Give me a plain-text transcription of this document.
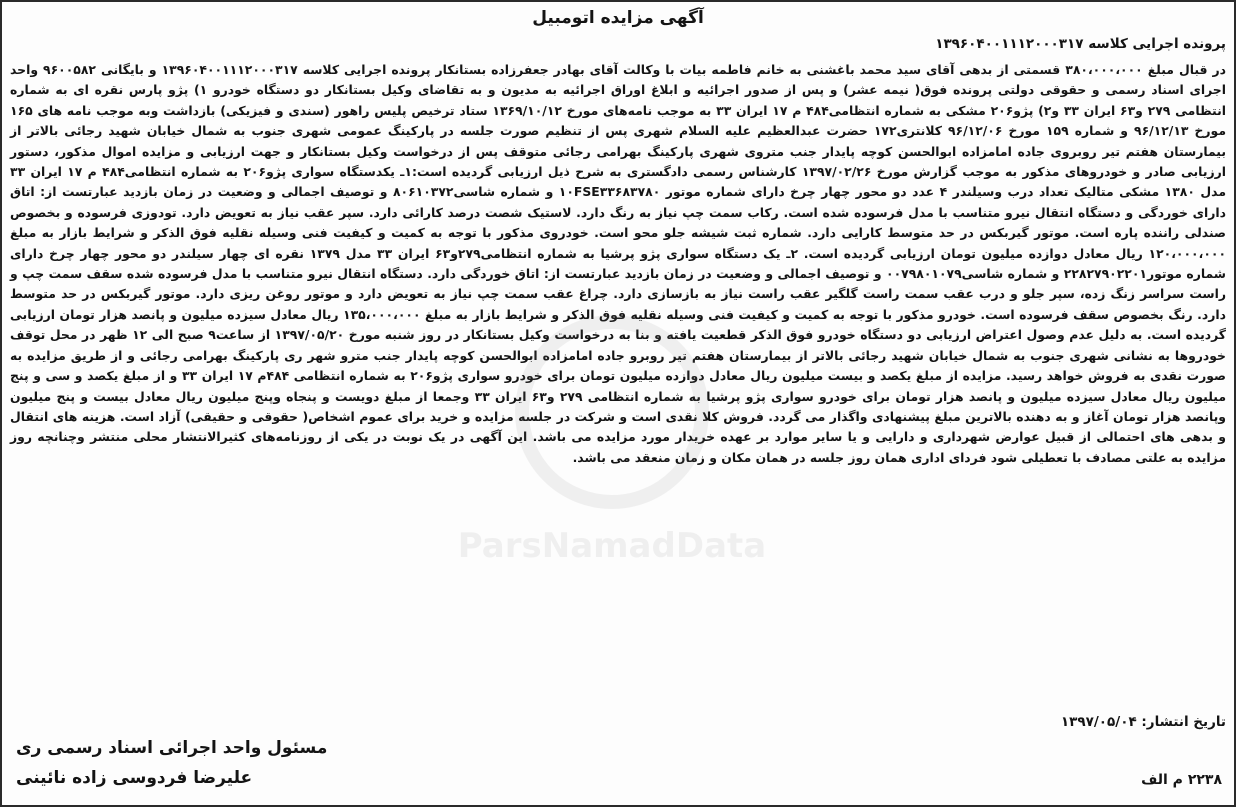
آگهی مزایده اتومبیل
پرونده اجرایی کلاسه ۱۳۹۶۰۴۰۰۱۱۱۲۰۰۰۳۱۷
در قبال مبلغ ۳۸۰،۰۰۰،۰۰۰ قسمتی از بدهی آقای سید محمد باغشنی به خانم فاطمه بیات با وکالت آقای بهادر جعفرزاده بستانکار پرونده اجرایی کلاسه ۱۳۹۶۰۴۰۰۱۱۱۲۰۰۰۳۱۷ و بایگانی ۹۶۰۰۵۸۲ واحد اجرای اسناد رسمی و حقوقی دولتی پرونده فوق( نیمه عشر) و پس از صدور اجرائیه و ابلاغ اوراق اجرائیه به مدیون و به تقاضای وکیل بستانکار دو دستگاه خودرو ۱) پژو پارس نقره ای به شماره انتظامی ۲۷۹ و۶۳ ایران ۳۳ و۲) پژو۲۰۶ مشکی به شماره انتظامی۴۸۴ م ۱۷ ایران ۳۳ به موجب نامه‌های مورخ ۱۳۶۹/۱۰/۱۲ ستاد ترخیص پلیس راهور (سندی و فیزیکی) بازداشت وبه موجب نامه های ۱۶۵ مورخ ۹۶/۱۲/۱۳ و شماره ۱۵۹ مورخ ۹۶/۱۲/۰۶ کلانتری۱۷۲ حضرت عبدالعظیم علیه السلام شهری پس از تنظیم صورت جلسه در پارکینگ عمومی شهری جنوب به شمال خیابان شهید رجائی بالاتر از بیمارستان هفتم تیر روبروی جاده امامزاده ابوالحسن کوچه پایدار جنب متروی شهری پارکینگ بهرامی رجائی متوقف پس از درخواست وکیل بستانکار و جهت ارزیابی و مزایده اموال مذکور، دستور ارزیابی صادر و خودروهای مذکور به موجب گزارش مورخ ۱۳۹۷/۰۲/۲۶ کارشناس رسمی دادگستری به شرح ذیل ارزیابی گردیده است:۱ـ یکدستگاه سواری پژو۲۰۶ به شماره انتظامی۴۸۴ م ۱۷ ایران ۳۳ مدل ۱۳۸۰ مشکی متالیک تعداد درب وسیلندر ۴ عدد دو محور چهار چرخ دارای شماره موتور ۱۰FSE۳۳۶۸۳۷۸۰ و شماره شاسی۸۰۶۱۰۳۷۲ و توصیف اجمالی و وضعیت در زمان بازدید عبارتست از: اتاق دارای خوردگی و دستگاه انتقال نیرو متناسب با مدل فرسوده شده است. رکاب سمت چپ نیاز به رنگ دارد. لاستیک شصت درصد کارائی دارد. سپر عقب نیاز به تعویض دارد. تودوزی فرسوده و بخصوص صندلی راننده پاره است. موتور گیربکس در حد متوسط کارایی دارد. شماره ثبت شیشه جلو محو است. خودروی مذکور با توجه به کمیت و کیفیت فنی وسیله نقلیه فوق الذکر و شرایط بازار به مبلغ ۱۲۰،۰۰۰،۰۰۰ ریال معادل دوازده میلیون تومان ارزیابی گردیده است. ۲ـ یک دستگاه سواری پژو پرشیا به شماره انتظامی۲۷۹و۶۳ ایران ۳۳ مدل ۱۳۷۹ نقره ای چهار سیلندر دو محور چهار چرخ دارای شماره موتور۲۲۸۲۷۹۰۲۲۰۱ و شماره شاسی۰۰۷۹۸۰۱۰۷۹ و توصیف اجمالی و وضعیت در زمان بازدید عبارتست از: اتاق خوردگی دارد. دستگاه انتقال نیرو متناسب با مدل فرسوده شده سقف سمت چپ و راست سراسر زنگ زده، سپر جلو و درب عقب سمت راست گلگیر عقب راست نیاز به بازسازی دارد. چراغ عقب سمت چپ نیاز به تعویض دارد و موتور روغن ریزی دارد. موتور گیربکس در حد متوسط دارد. رنگ بخصوص سقف فرسوده است. خودرو مذکور با توجه به کمیت و کیفیت فنی وسیله نقلیه فوق الذکر و شرایط بازار به مبلغ ۱۳۵،۰۰۰،۰۰۰ ریال معادل سیزده میلیون و پانصد هزار تومان ارزیابی گردیده است. به دلیل عدم وصول اعتراض ارزیابی دو دستگاه خودرو فوق الذکر قطعیت یافته و بنا به درخواست وکیل بستانکار در روز شنبه مورخ ۱۳۹۷/۰۵/۲۰ از ساعت۹ صبح الی ۱۲ ظهر در محل توقف خودروها به نشانی شهری جنوب به شمال خیابان شهید رجائی بالاتر از بیمارستان هفتم تیر روبرو جاده امامزاده ابوالحسن کوچه پایدار جنب مترو شهر ری پارکینگ بهرامی رجائی و از طریق مزایده به صورت نقدی به فروش خواهد رسید. مزایده از مبلغ یکصد و بیست میلیون ریال معادل دوازده میلیون تومان برای خودرو سواری پژو۲۰۶ به شماره انتظامی ۴۸۴م ۱۷ ایران ۳۳ و از مبلغ یکصد و سی و پنج میلیون ریال معادل سیزده میلیون و پانصد هزار تومان برای خودرو سواری پژو پرشیا به شماره انتظامی ۲۷۹ و۶۳ ایران ۳۳ وجمعا از مبلغ دویست و پنجاه وپنج میلیون ریال معادل بیست و پنج میلیون وپانصد هزار تومان آغاز و به دهنده بالاترین مبلغ پیشنهادی واگذار می گردد. فروش کلا نقدی است و شرکت در جلسه مزایده و خرید برای عموم اشخاص( حقوقی و حقیقی) آزاد است. هزینه های انتقال و بدهی های احتمالی از قبیل عوارض شهرداری و دارایی و یا سایر موارد بر عهده خریدار مورد مزایده می باشد. این آگهی در یک نوبت در یکی از روزنامه‌های کثیرالانتشار محلی منتشر وچنانچه روز مزایده به علتی مصادف با تعطیلی شود فردای اداری همان روز جلسه در همان مکان و زمان منعقد می باشد.
تاریخ انتشار: ۱۳۹۷/۰۵/۰۴
مسئول واحد اجرائی اسناد رسمی ری
علیرضا فردوسی زاده نائینی	۲۲۳۸ م الف
ParsNamadData
